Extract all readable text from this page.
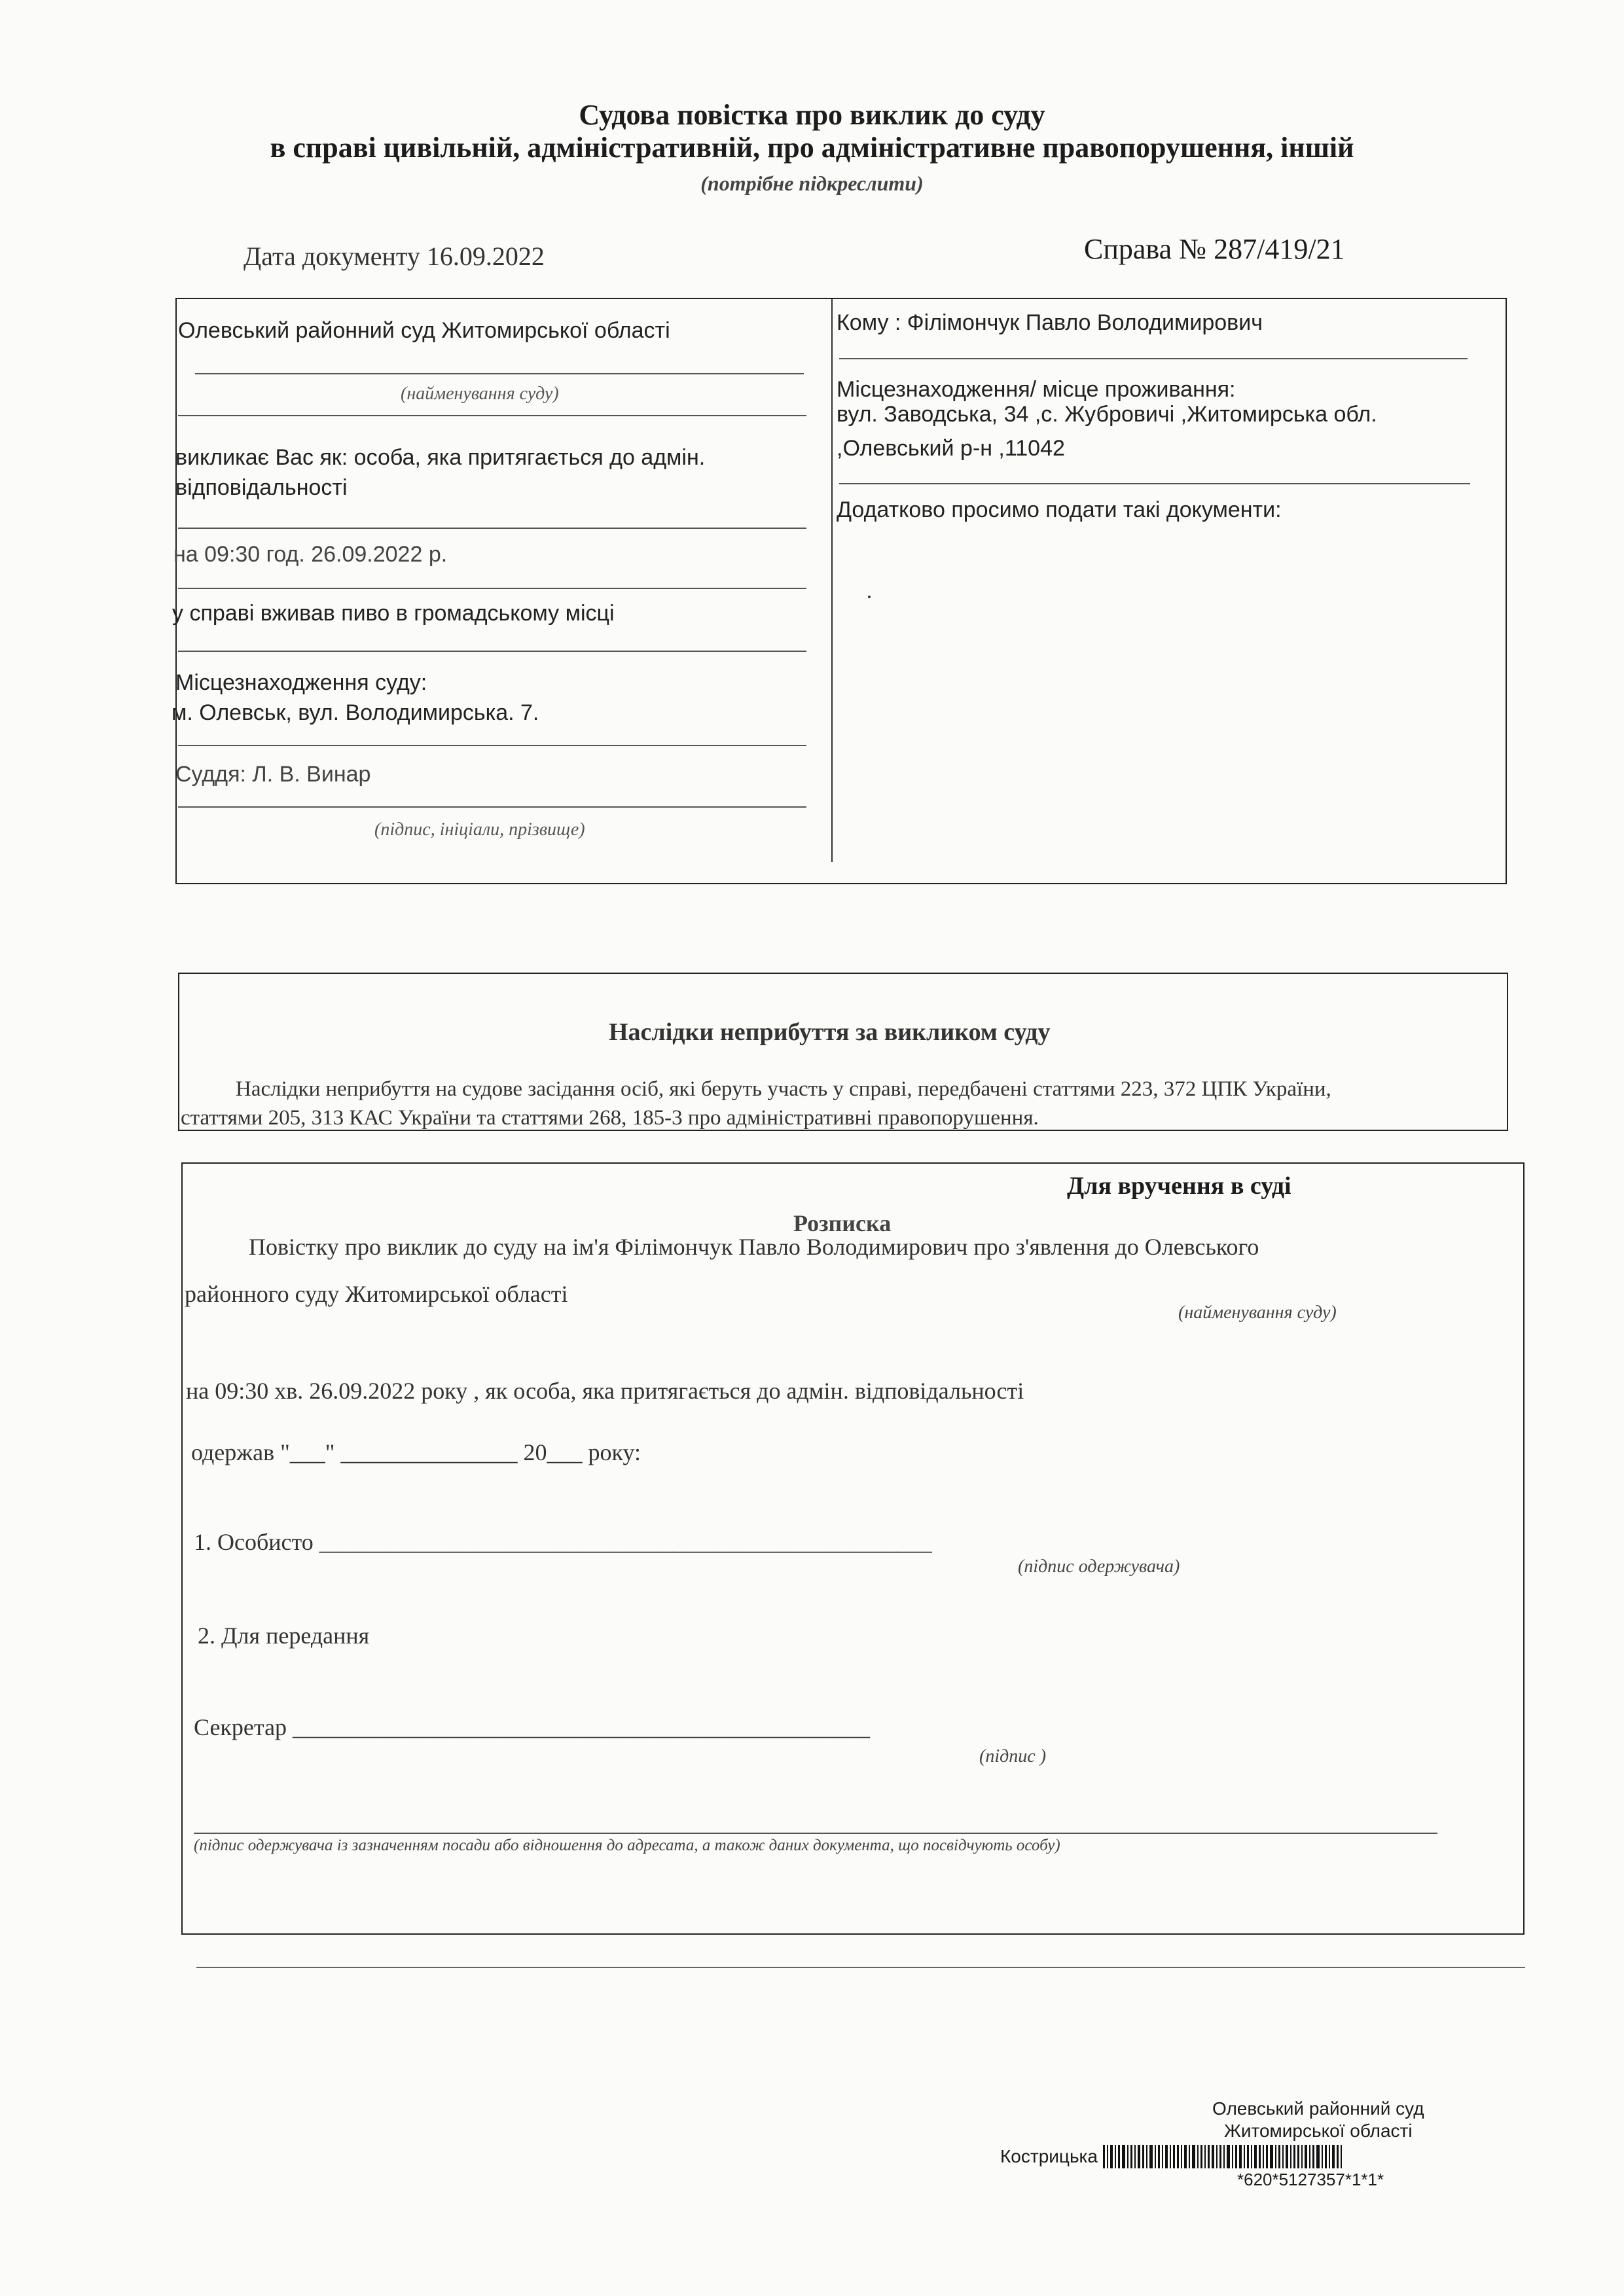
Судова повістка про виклик до суду
в справі цивільній, адміністративній, про адміністративне правопорушення, іншій
(потрібне підкреслити)
Дата документу 16.09.2022	Справа № 287/419/21
Олевський районний суд Житомирської області
(найменування суду)
викликає Вас як: особа, яка притягається до адмін. відповідальності
на 09:30 год. 26.09.2022 р.
у справі вживав пиво в громадському місці
Місцезнаходження суду:
м. Олевськ, вул. Володимирська. 7.
Суддя: Л. В. Винар
(підпис, ініціали, прізвище)
Кому : Філімончук Павло Володимирович
Місцезнаходження/ місце проживання:
вул. Заводська, 34 ,с. Жубровичі ,Житомирська обл.
,Олевський р-н ,11042
Додатково просимо подати такі документи:
Наслідки неприбуття за викликом суду
Наслідки неприбуття на судове засідання осіб, які беруть участь у справі, передбачені статтями 223, 372 ЦПК України,
статтями 205, 313 КАС України та статтями 268, 185-3 про адміністративні правопорушення.
Для вручення в суді
Розписка
Повістку про виклик до суду на ім'я Філімончук Павло Володимирович про з'явлення до Олевського
районного суду Житомирської області
(найменування суду)
на 09:30 хв. 26.09.2022 року , як особа, яка притягається до адмін. відповідальності
одержав "___" _______________ 20___ року:
1. Особисто ____________________________________________________
(підпис одержувача)
2. Для передання
Секретар _________________________________________________
(підпис )
(підпис одержувача із зазначенням посади або відношення до адресата, а також даних документа, що посвідчують особу)
Олевський районний суд
Житомирської області
Кострицька
*620*5127357*1*1*
